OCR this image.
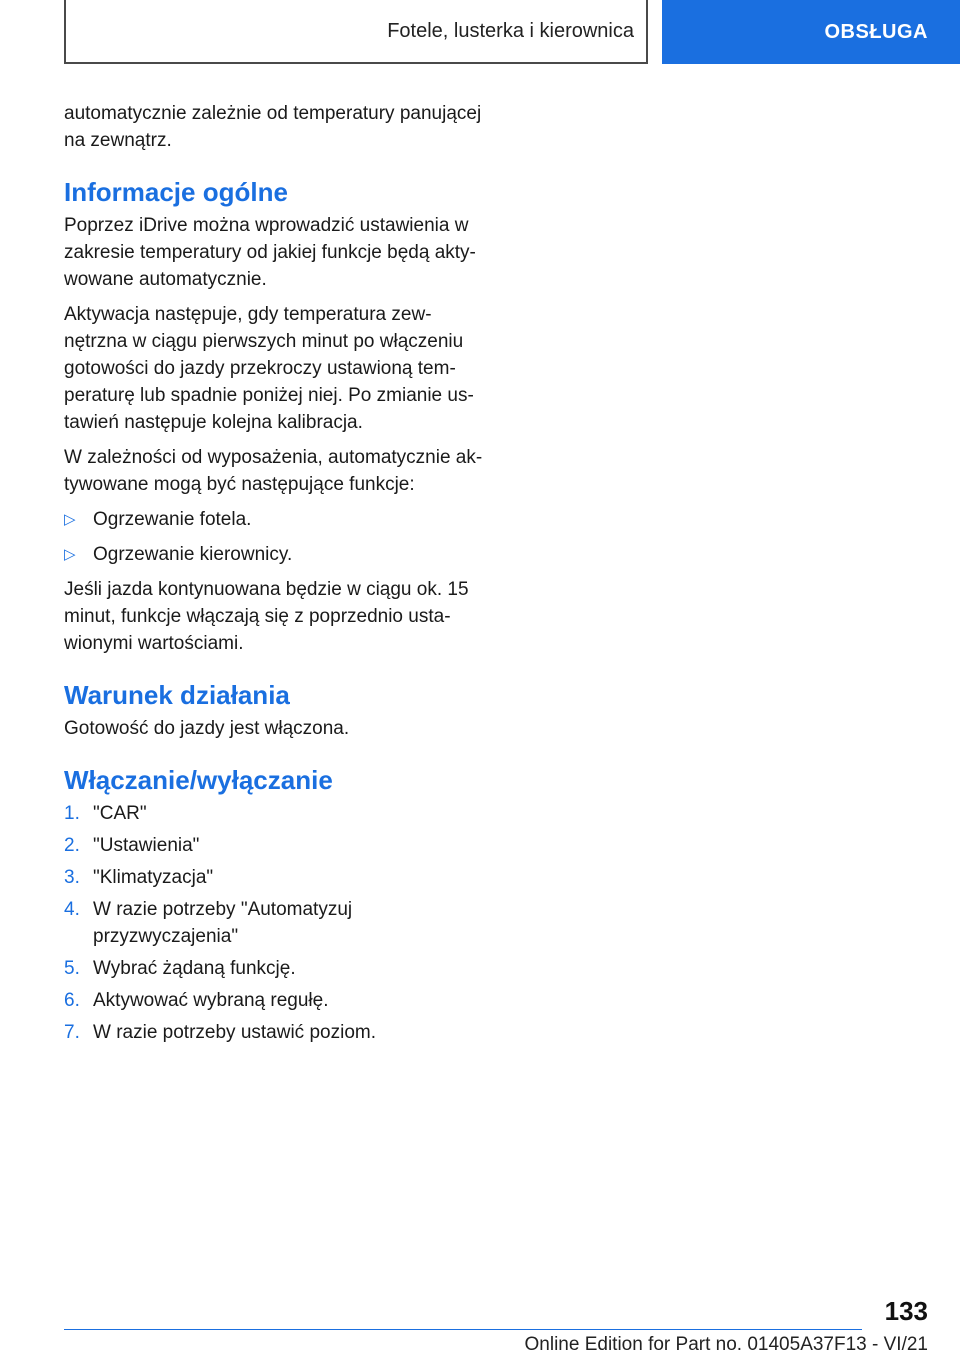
Fotele, lusterka i kierownica	OBSŁUGA

automatycznie zależnie od temperatury panującej na zewnątrz.

Informacje ogólne

Poprzez iDrive można wprowadzić ustawienia w zakresie temperatury od jakiej funkcje będą aktywowane automatycznie.

Aktywacja następuje, gdy temperatura zewnętrzna w ciągu pierwszych minut po włączeniu gotowości do jazdy przekroczy ustawioną temperaturę lub spadnie poniżej niej. Po zmianie ustawień następuje kolejna kalibracja.

W zależności od wyposażenia, automatycznie aktywowane mogą być następujące funkcje:

▷ Ogrzewanie fotela.
▷ Ogrzewanie kierownicy.

Jeśli jazda kontynuowana będzie w ciągu ok. 15 minut, funkcje włączają się z poprzednio ustawionymi wartościami.

Warunek działania

Gotowość do jazdy jest włączona.

Włączanie/wyłączanie
1. "CAR"
2. "Ustawienia"
3. "Klimatyzacja"
4. W razie potrzeby "Automatyzuj przyzwyczajenia"
5. Wybrać żądaną funkcję.
6. Aktywować wybraną regułę.
7. W razie potrzeby ustawić poziom.
133
Online Edition for Part no. 01405A37F13 - VI/21
